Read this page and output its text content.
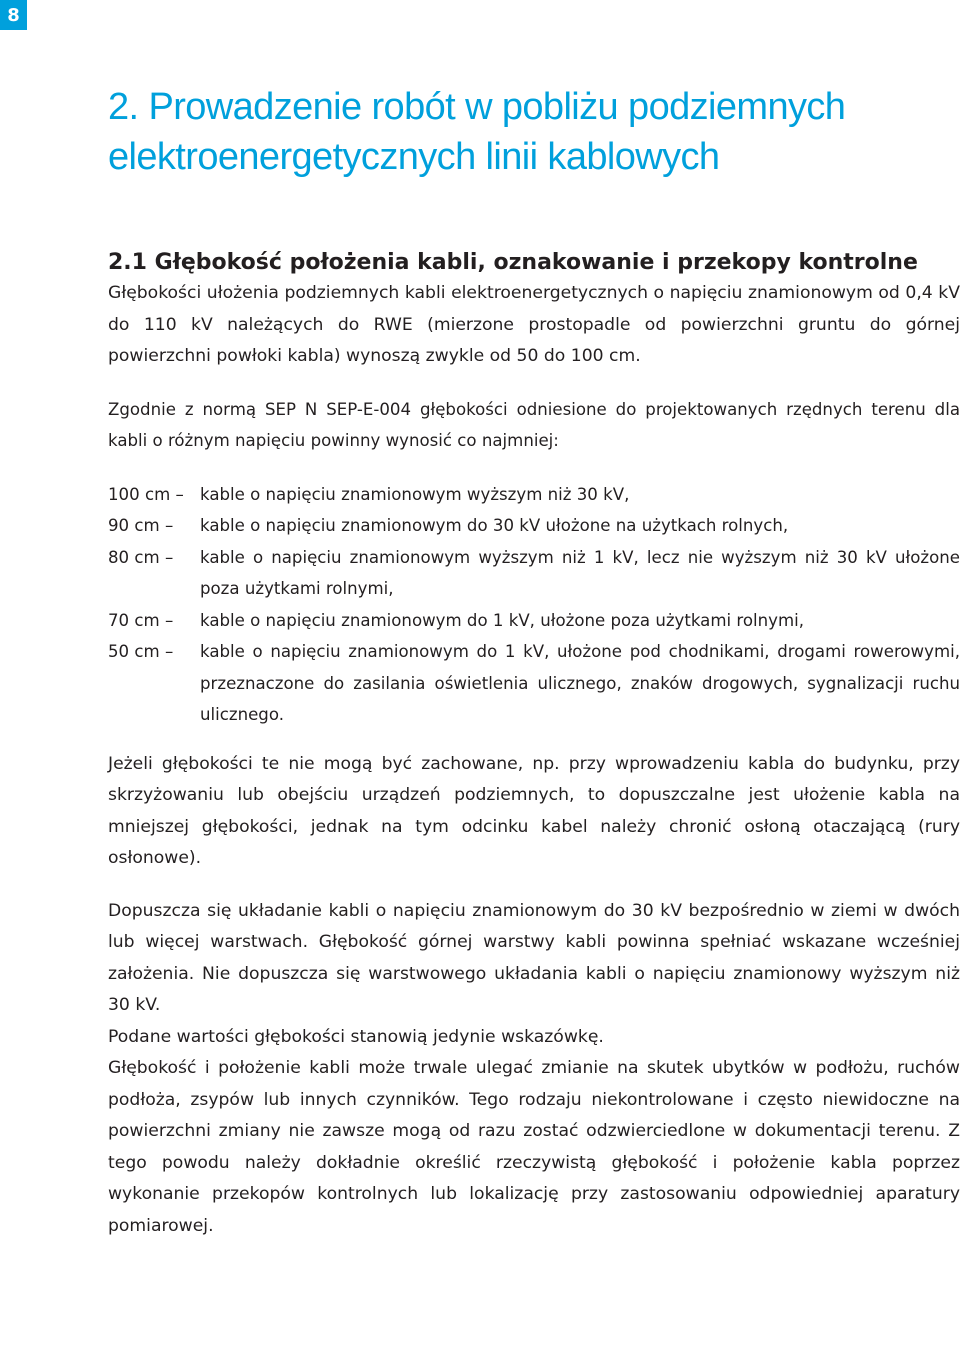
8
2. Prowadzenie robót w pobliżu podziemnych
elektroenergetycznych linii kablowych
2.1 Głębokość położenia kabli, oznakowanie i przekopy kontrolne

Głębokości ułożenia podziemnych kabli elektroenergetycznych o napięciu znamionowym od 0,4 kV do 110 kV należących do RWE (mierzone prostopadle od powierzchni gruntu do górnej powierzchni powłoki kabla) wynoszą zwykle od 50 do 100 cm.

Zgodnie z normą SEP N SEP-E-004 głębokości odniesione do projektowanych rzędnych terenu dla kabli o różnym napięciu powinny wynosić co najmniej:

100 cm – kable o napięciu znamionowym wyższym niż 30 kV,
90 cm –	kable o napięciu znamionowym do 30 kV ułożone na użytkach rolnych,
80 cm –	kable o napięciu znamionowym wyższym niż 1 kV, lecz nie wyższym niż 30 kV ułożone poza użytkami rolnymi,
70 cm –	kable o napięciu znamionowym do 1 kV, ułożone poza użytkami rolnymi,
50 cm –	kable o napięciu znamionowym do 1 kV, ułożone pod chodnikami, drogami rowerowymi, przeznaczone do zasilania oświetlenia ulicznego, znaków drogowych, sygnalizacji ruchu ulicznego.

Jeżeli głębokości te nie mogą być zachowane, np. przy wprowadzeniu kabla do budynku, przy skrzyżowaniu lub obejściu urządzeń podziemnych, to dopuszczalne jest ułożenie kabla na mniejszej głębokości, jednak na tym odcinku kabel należy chronić osłoną otaczającą (rury osłonowe).

Dopuszcza się układanie kabli o napięciu znamionowym do 30 kV bezpośrednio w ziemi w dwóch lub więcej warstwach. Głębokość górnej warstwy kabli powinna spełniać wskazane wcześniej założenia. Nie dopuszcza się warstwowego układania kabli o napięciu znamionowy wyższym niż 30 kV.

Podane wartości głębokości stanowią jedynie wskazówkę.

Głębokość i położenie kabli może trwale ulegać zmianie na skutek ubytków w podłożu, ruchów podłoża, zsypów lub innych czynników. Tego rodzaju niekontrolowane i często niewidoczne na powierzchni zmiany nie zawsze mogą od razu zostać odzwierciedlone w dokumentacji terenu. Z tego powodu należy dokładnie określić rzeczywistą głębokość i położenie kabla poprzez wykonanie przekopów kontrolnych lub lokalizację przy zastosowaniu odpowiedniej aparatury pomiarowej.
